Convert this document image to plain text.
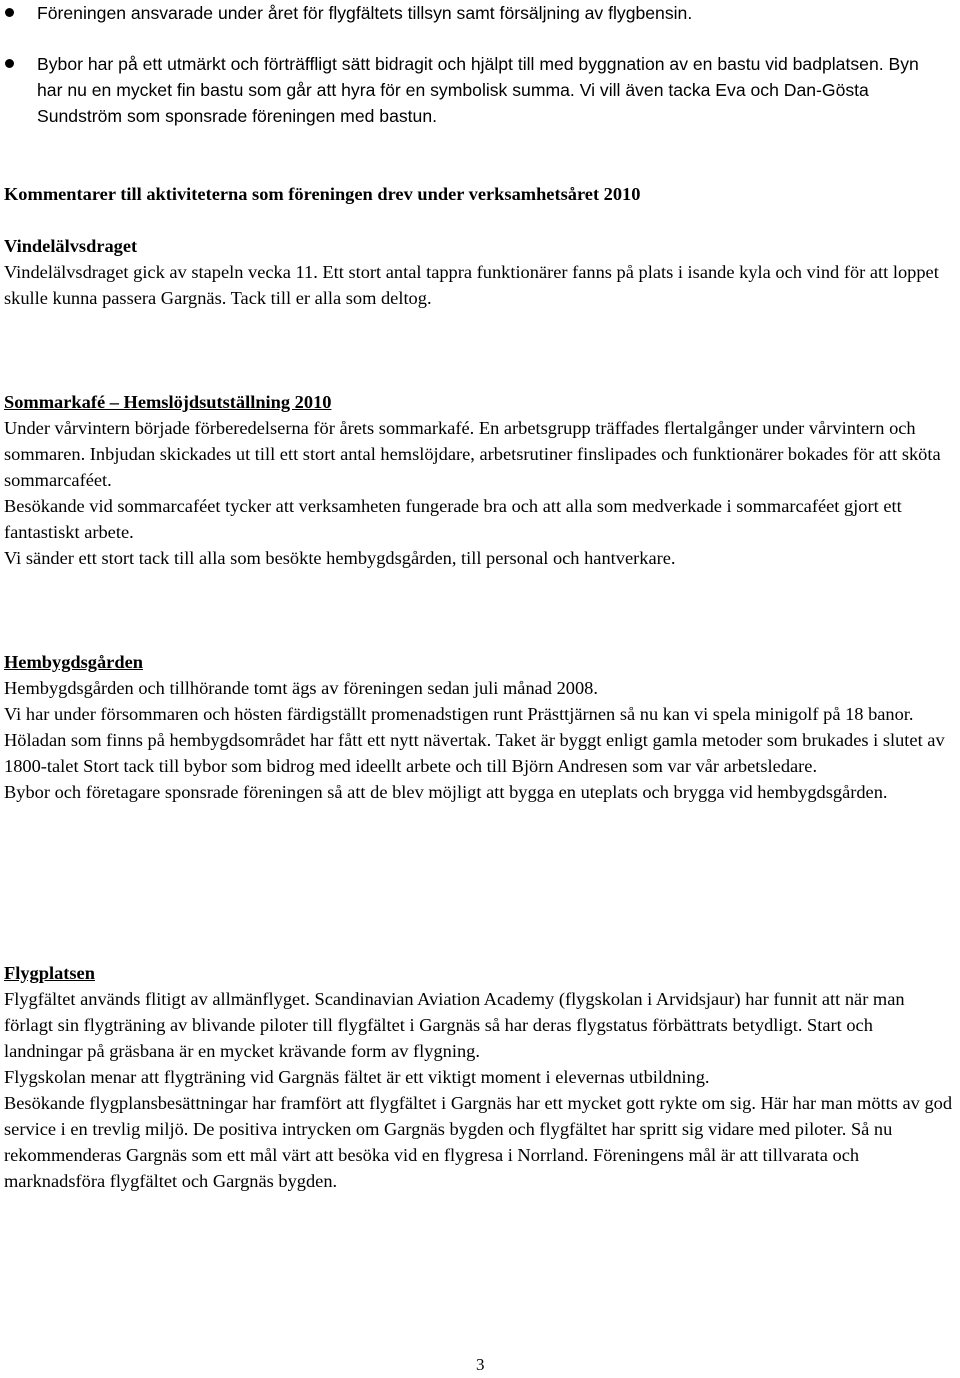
Föreningen ansvarade under året för flygfältets tillsyn samt försäljning av flygbensin.
Bybor har på ett utmärkt och förträffligt sätt bidragit och hjälpt till med byggnation av en bastu vid badplatsen. Byn har nu en mycket fin bastu som går att hyra för en symbolisk summa. Vi vill även tacka Eva och Dan-Gösta Sundström som sponsrade föreningen med bastun.
Kommentarer till aktiviteterna som föreningen drev under verksamhetsåret 2010

Vindelälvsdraget

Vindelälvsdraget gick av stapeln vecka 11. Ett stort antal tappra funktionärer fanns på plats i isande kyla och vind för att loppet skulle kunna passera Gargnäs. Tack till er alla som deltog.

Sommarkafé – Hemslöjdsutställning 2010

Under vårvintern började förberedelserna för årets sommarkafé. En arbetsgrupp träffades flertalgånger under vårvintern och sommaren. Inbjudan skickades ut till ett stort antal hemslöjdare, arbetsrutiner finslipades och funktionärer bokades för att sköta sommarcaféet.

Besökande vid sommarcaféet tycker att verksamheten fungerade bra och att alla som medverkade i sommarcaféet gjort ett fantastiskt arbete.

Vi sänder ett stort tack till alla som besökte hembygdsgården, till personal och hantverkare.

Hembygdsgården

Hembygdsgården och tillhörande tomt ägs av föreningen sedan juli månad 2008.

Vi har under försommaren och hösten färdigställt promenadstigen runt Prästtjärnen så nu kan vi spela minigolf på 18 banor.

Höladan som finns på hembygdsområdet har fått ett nytt nävertak. Taket är byggt enligt gamla metoder som brukades i slutet av 1800-talet Stort tack till bybor som bidrog med ideellt arbete och till Björn Andresen som var vår arbetsledare.

Bybor och företagare sponsrade föreningen så att de blev möjligt att bygga en uteplats och brygga vid hembygdsgården.

Flygplatsen

Flygfältet används flitigt av allmänflyget. Scandinavian Aviation Academy (flygskolan i Arvidsjaur) har funnit att när man förlagt sin flygträning av blivande piloter till flygfältet i Gargnäs så har deras flygstatus förbättrats betydligt. Start och landningar på gräsbana är en mycket krävande form av flygning.

Flygskolan menar att flygträning vid Gargnäs fältet är ett viktigt moment i elevernas utbildning.

Besökande flygplansbesättningar har framfört att flygfältet i Gargnäs har ett mycket gott rykte om sig. Här har man mötts av god service i en trevlig miljö. De positiva intrycken om Gargnäs bygden och flygfältet har spritt sig vidare med piloter. Så nu rekommenderas Gargnäs som ett mål värt att besöka vid en flygresa i Norrland. Föreningens mål är att tillvarata och marknadsföra flygfältet och Gargnäs bygden.

3
